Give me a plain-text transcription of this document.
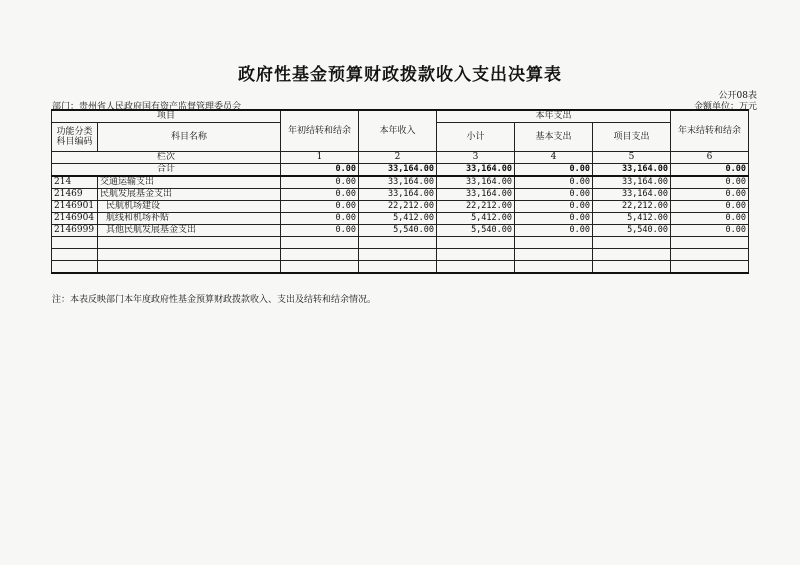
政府性基金预算财政拨款收入支出决算表
公开08表
部门：贵州省人民政府国有资产监督管理委员会	金额单位：万元
项目		年初结转和结余	本年收入	本年支出			年末结转和结余
功能分类科目编码	科目名称			小计	基本支出	项目支出	

栏次		1	2	3	4	5	6
合计		0.00	33,164.00	33,164.00	0.00	33,164.00	0.00
214	交通运输支出	0.00	33,164.00	33,164.00	0.00	33,164.00	0.00
21469	民航发展基金支出	0.00	33,164.00	33,164.00	0.00	33,164.00	0.00
2146901	民航机场建设	0.00	22,212.00	22,212.00	0.00	22,212.00	0.00
2146904	航线和机场补贴	0.00	5,412.00	5,412.00	0.00	5,412.00	0.00
2146999	其他民航发展基金支出	0.00	5,540.00	5,540.00	0.00	5,540.00	0.00

注：本表反映部门本年度政府性基金预算财政拨款收入、支出及结转和结余情况。
